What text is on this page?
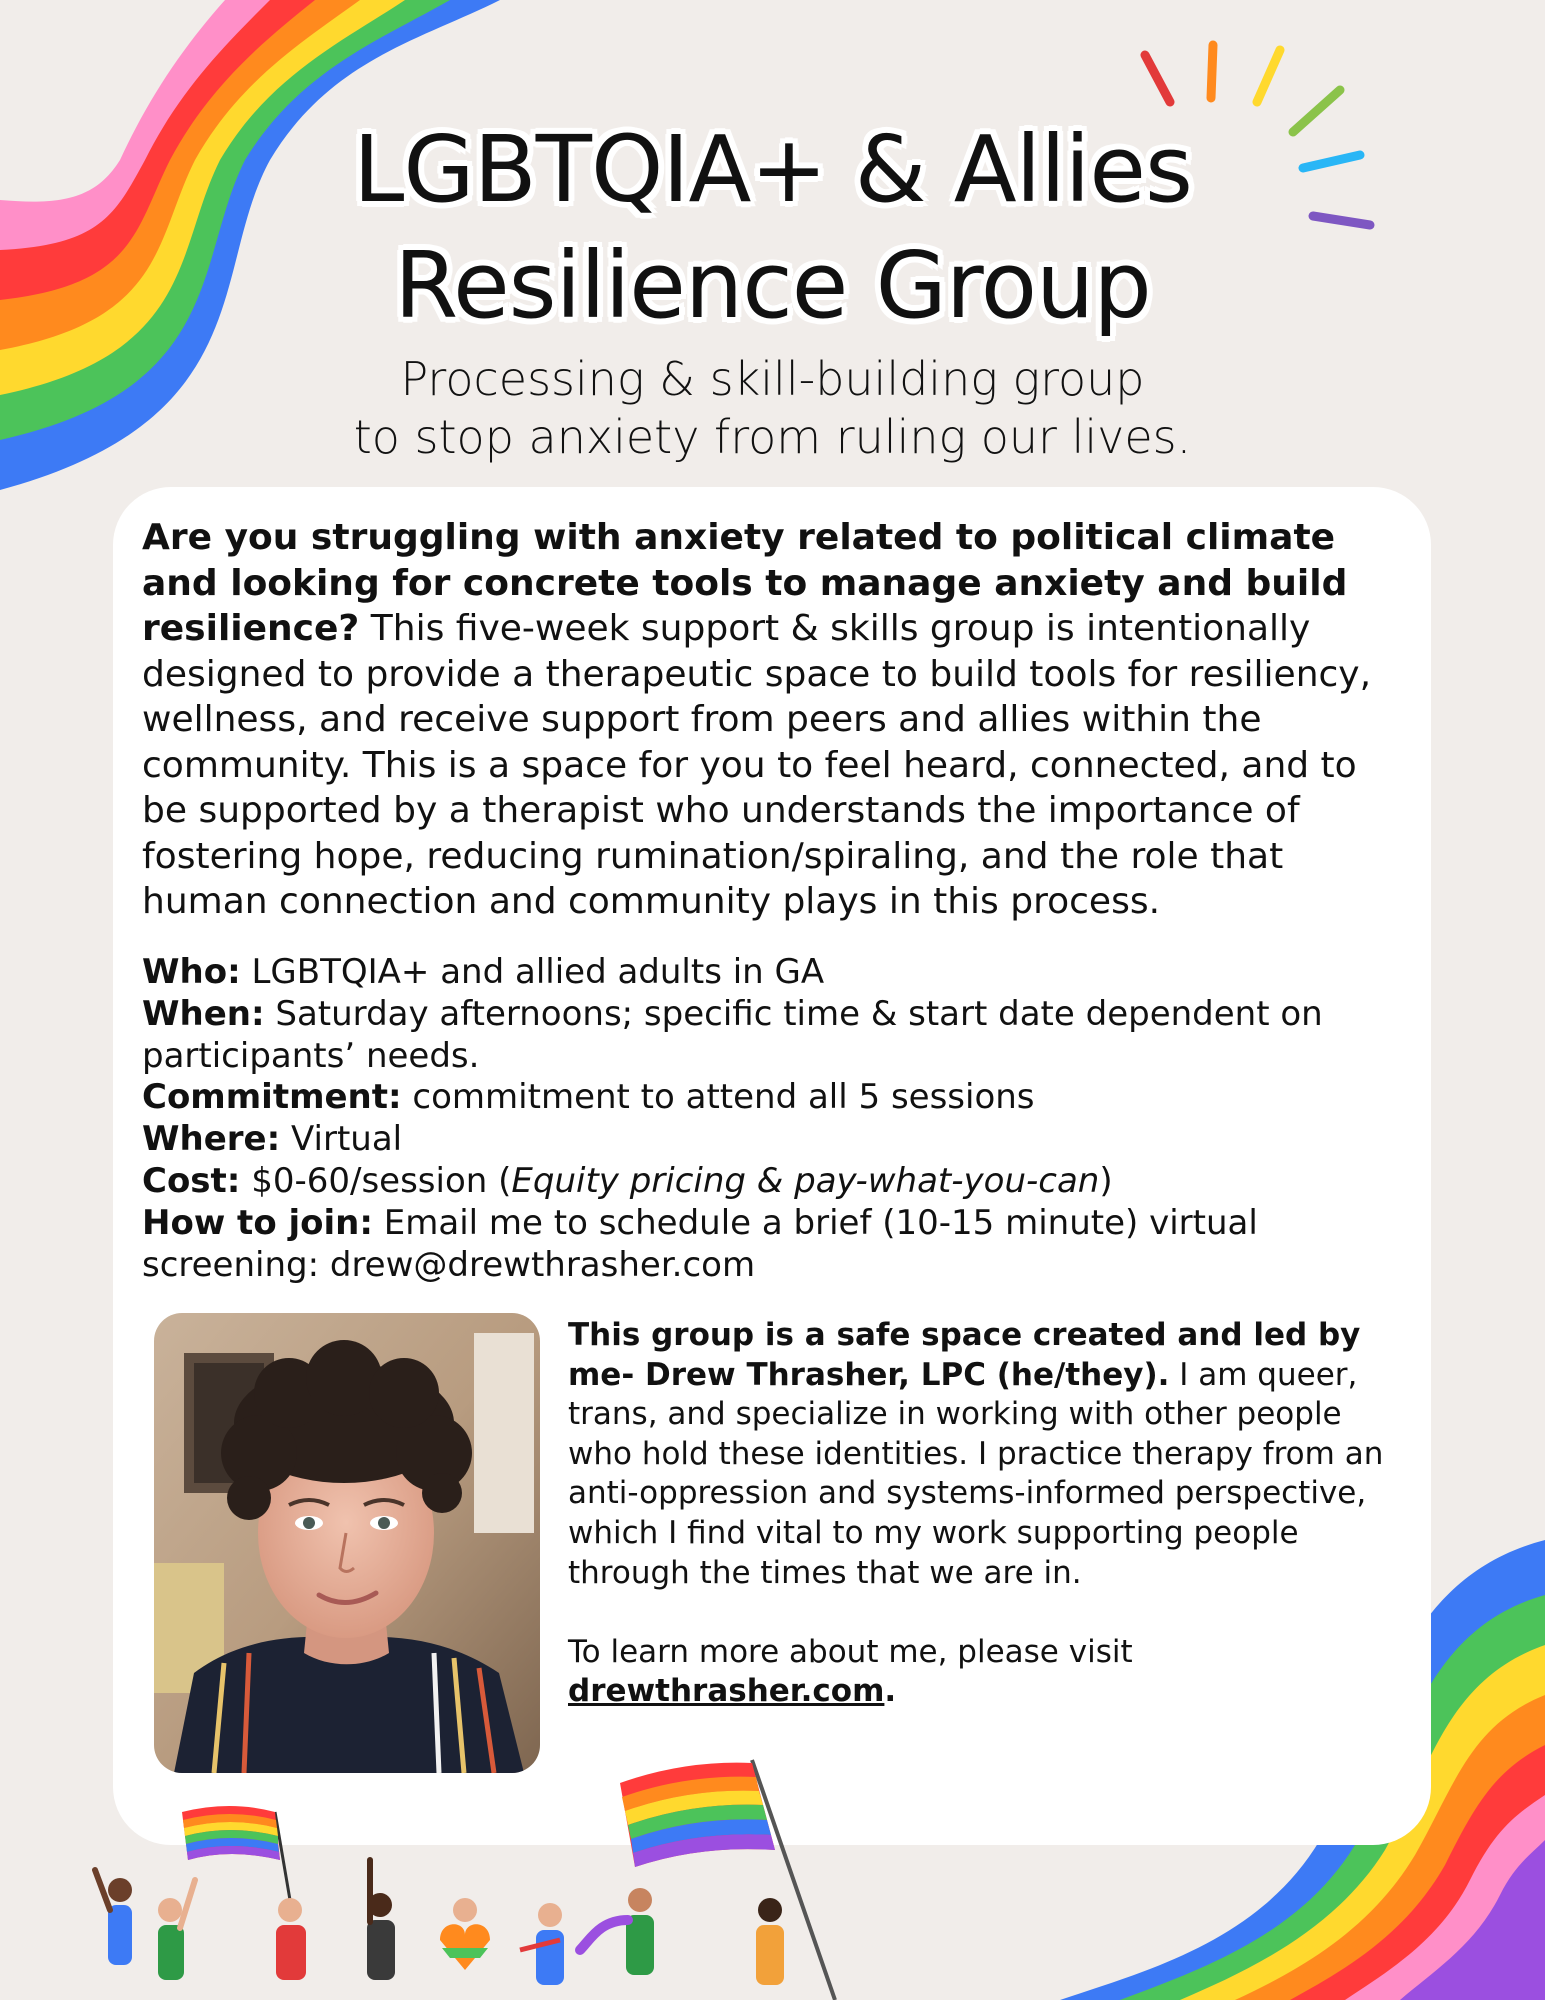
LGBTQIA+ & Allies
Resilience Group
Processing & skill-building group
to stop anxiety from ruling our lives.
Are you struggling with anxiety related to political climate and looking for concrete tools to manage anxiety and build resilience? This five-week support & skills group is intentionally designed to provide a therapeutic space to build tools for resiliency, wellness, and receive support from peers and allies within the community. This is a space for you to feel heard, connected, and to be supported by a therapist who understands the importance of fostering hope, reducing rumination/spiraling, and the role that human connection and community plays in this process.
Who: LGBTQIA+ and allied adults in GA
When: Saturday afternoons; specific time & start date dependent on participants’ needs.
Commitment: commitment to attend all 5 sessions
Where: Virtual
Cost: $0-60/session (Equity pricing & pay-what-you-can)
How to join: Email me to schedule a brief (10-15 minute) virtual screening: drew@drewthrasher.com

This group is a safe space created and led by me- Drew Thrasher, LPC (he/they). I am queer, trans, and specialize in working with other people who hold these identities. I practice therapy from an anti-oppression and systems-informed perspective, which I find vital to my work supporting people through the times that we are in.

To learn more about me, please visit
drewthrasher.com.
